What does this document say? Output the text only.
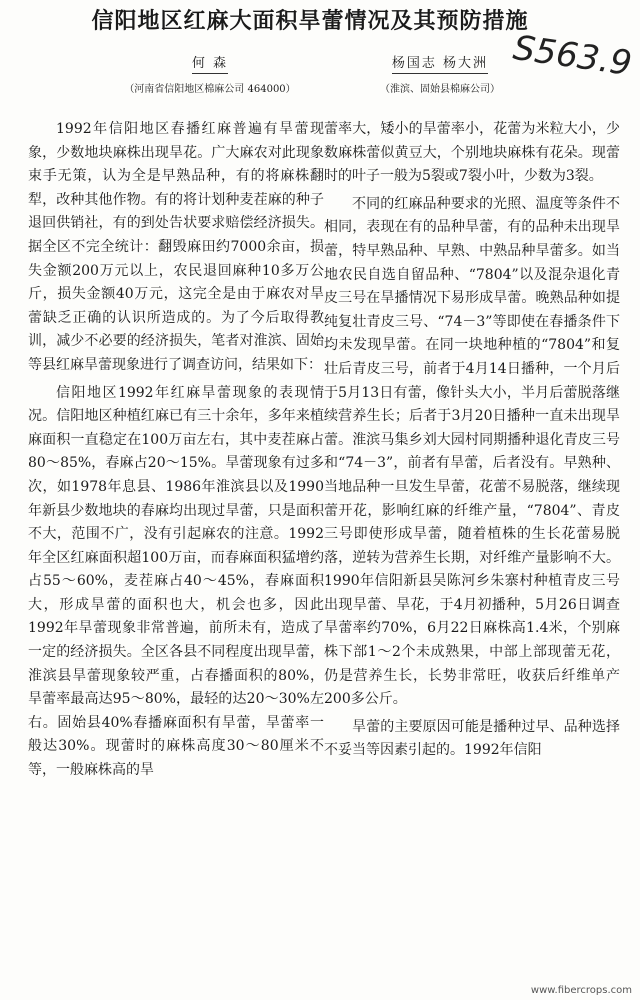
信阳地区红麻大面积旱蕾情况及其预防措施
S563.9
何 森
（河南省信阳地区棉麻公司 464000）
杨国志 杨大洲
（淮滨、固始县棉麻公司）

1992年信阳地区春播红麻普遍有旱蕾现象，少数地块麻株出现旱花。广大麻农对此现象束手无策，认为全是早熟品种，有的将麻株翻犁，改种其他作物。有的将计划种麦茬麻的种子退回供销社，有的到处告状要求赔偿经济损失。据全区不完全统计：翻毁麻田约7000余亩，损失金额200万元以上，农民退回麻种10多万公斤，损失金额40万元，这完全是由于麻农对旱蕾缺乏正确的认识所造成的。为了今后取得教训，减少不必要的经济损失，笔者对淮滨、固始等县红麻旱蕾现象进行了调查访问，结果如下：

信阳地区1992年红麻旱蕾现象的表现情况。信阳地区种植红麻已有三十余年，多年来植麻面积一直稳定在100万亩左右，其中麦茬麻占80～85%，春麻占20～15%。旱蕾现象有过多次，如1978年息县、1986年淮滨县以及1990年新县少数地块的春麻均出现过旱蕾，只是面积不大，范围不广，没有引起麻农的注意。1992年全区红麻面积超100万亩，而春麻面积猛增约占55～60%，麦茬麻占40～45%，春麻面积大，形成旱蕾的面积也大，机会也多，因此1992年旱蕾现象非常普遍，前所未有，造成了一定的经济损失。全区各县不同程度出现旱蕾，淮滨县旱蕾现象较严重，占春播面积的80%，旱蕾率最高达95～80%，最轻的达20～30%左右。固始县40%春播麻面积有旱蕾，旱蕾率一般达30%。现蕾时的麻株高度30～80厘米不等，一般麻株高的旱

蕾率大，矮小的旱蕾率小，花蕾为米粒大小，少数麻株蕾似黄豆大，个别地块麻株有花朵。现蕾时的叶子一般为5裂或7裂小叶，少数为3裂。

不同的红麻品种要求的光照、温度等条件不相同，表现在有的品种旱蕾，有的品种未出现旱蕾，特早熟品种、早熟、中熟品种旱蕾多。如当地农民自选自留品种、“7804”以及混杂退化青皮三号在旱播情况下易形成旱蕾。晚熟品种如提纯复壮青皮三号、“74－3”等即使在春播条件下均未发现旱蕾。在同一块地种植的“7804”和复壮后青皮三号，前者于4月14日播种，一个月后于5月13日有蕾，像针头大小，半月后蕾脱落继续营养生长；后者于3月20日播种一直未出现旱蕾。淮滨马集乡刘大园村同期播种退化青皮三号和“74－3”，前者有旱蕾，后者没有。早熟种、当地品种一旦发生旱蕾，花蕾不易脱落，继续现蕾开花，影响红麻的纤维产量，“7804”、青皮三号即使形成旱蕾，随着植株的生长花蕾易脱落，逆转为营养生长期，对纤维产量影响不大。1990年信阳新县吴陈河乡朱寨村种植青皮三号出现旱蕾、旱花，于4月初播种，5月26日调查旱蕾率约70%，6月22日麻株高1.4米，个别麻株下部1～2个未成熟果，中部上部现蕾无花，仍是营养生长，长势非常旺，收获后纤维单产200多公斤。

旱蕾的主要原因可能是播种过早、品种选择不妥当等因素引起的。1992年信阳

www.fibercrops.com
